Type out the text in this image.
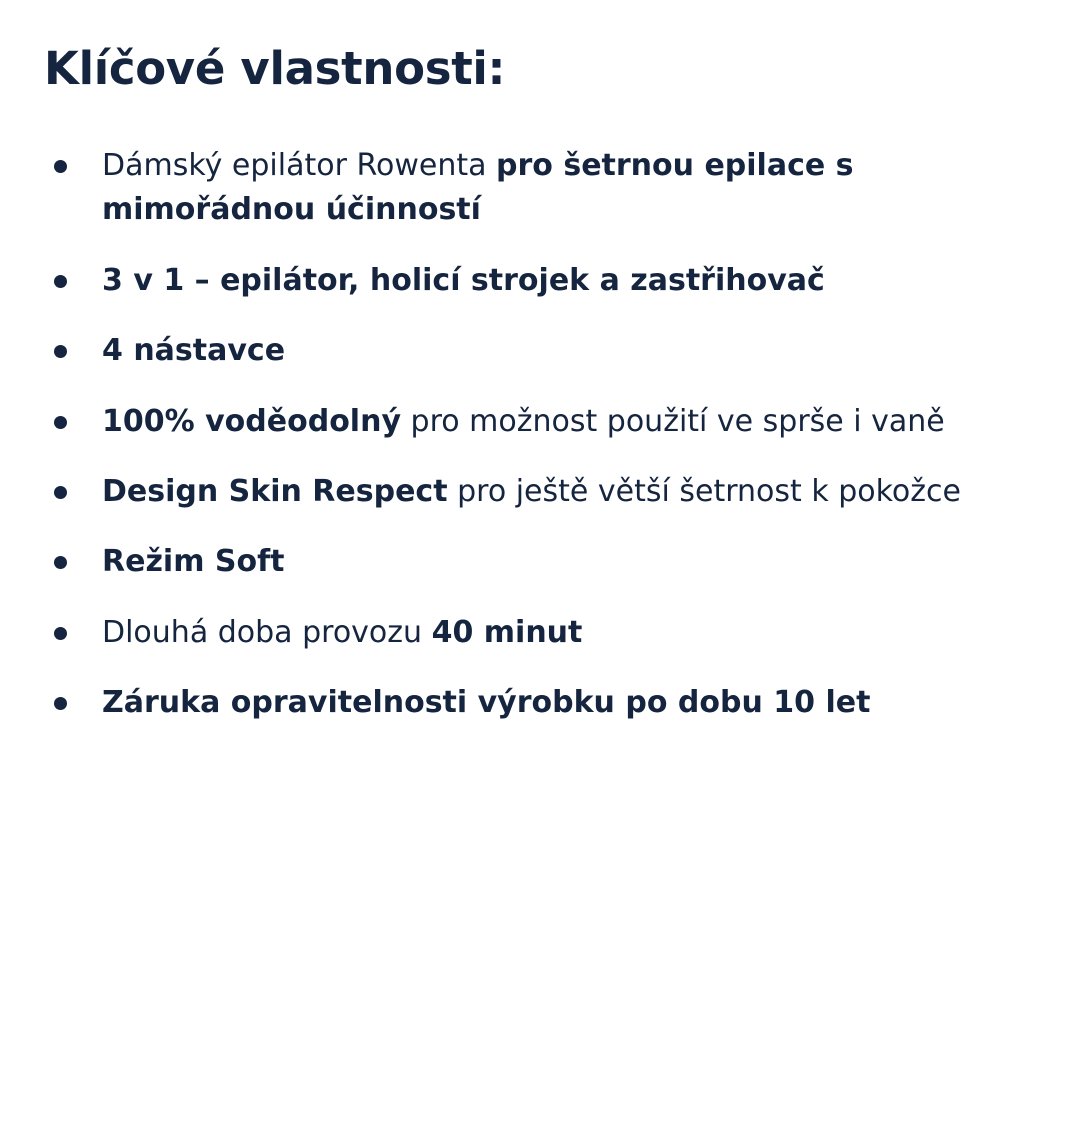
Klíčové vlastnosti:
Dámský epilátor Rowenta pro šetrnou epilace s mimořádnou účinností
3 v 1 – epilátor, holicí strojek a zastřihovač
4 nástavce
100% voděodolný pro možnost použití ve sprše i vaně
Design Skin Respect pro ještě větší šetrnost k pokožce
Režim Soft
Dlouhá doba provozu 40 minut
Záruka opravitelnosti výrobku po dobu 10 let
